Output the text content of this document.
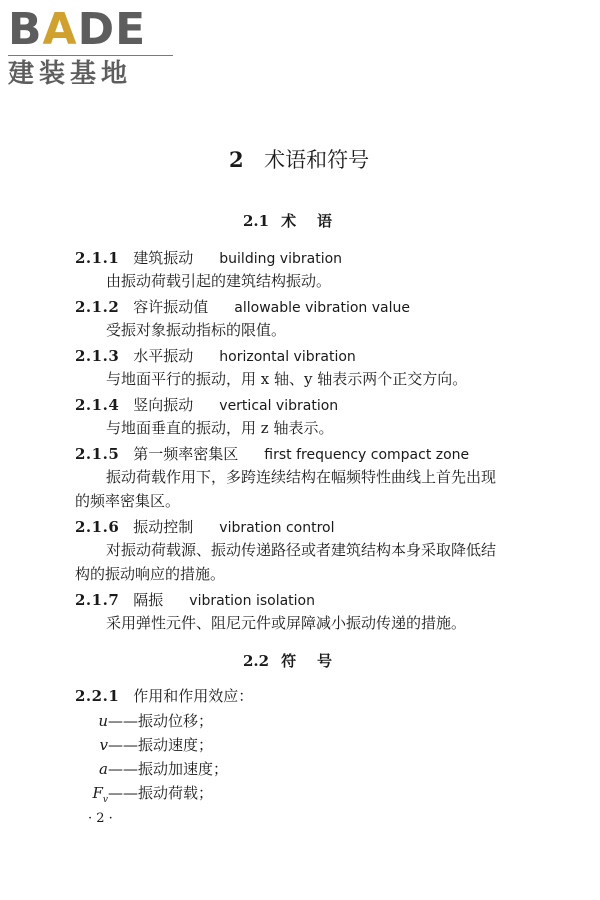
BADE
建装基地
2 术语和符号
2.1 术    语
2.1.1 建筑振动 building vibration
由振动荷载引起的建筑结构振动。
2.1.2 容许振动值 allowable vibration value
受振对象振动指标的限值。
2.1.3 水平振动 horizontal vibration
与地面平行的振动，用 x 轴、y 轴表示两个正交方向。
2.1.4 竖向振动 vertical vibration
与地面垂直的振动，用 z 轴表示。
2.1.5 第一频率密集区 first frequency compact zone
振动荷载作用下，多跨连续结构在幅频特性曲线上首先出现
的频率密集区。
2.1.6 振动控制 vibration control
对振动荷载源、振动传递路径或者建筑结构本身采取降低结
构的振动响应的措施。
2.1.7 隔振 vibration isolation
采用弹性元件、阻尼元件或屏障减小振动传递的措施。
2.2 符    号
2.2.1 作用和作用效应：
u——振动位移；
v——振动速度；
a——振动加速度；
$F_v——$振动荷载；
· 2 ·
